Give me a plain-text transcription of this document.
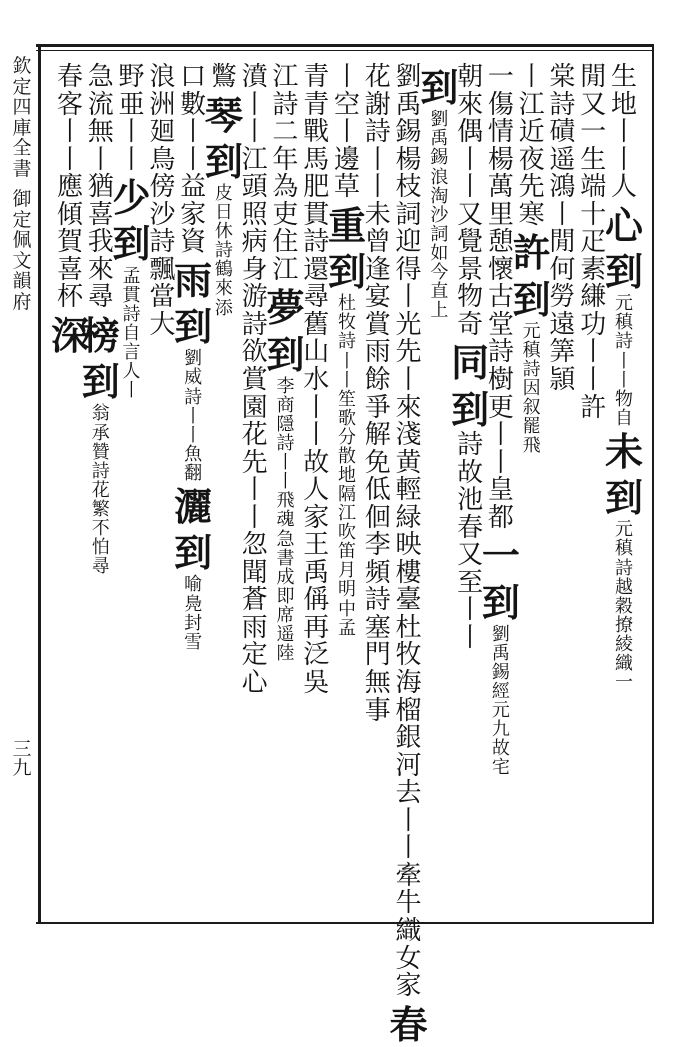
欽
定
四
庫
全
書
御
定
佩
文
韻
府
三
九
生
地
丨
丨
人
心
到
元
稹
詩
丨
丨
物
自
未
到
元
稹
詩
越
穀
撩
綾
織
一
閒
又
一
生
端
十
疋
素
縑
功
丨
丨
許
棠
詩
磧
遥
鴻
丨
閒
何
勞
遠
筭
頴
丨
江
近
夜
先
寒
許
到
元
稹
詩
因
叙
罷
飛
一
傷
情
楊
萬
里
憩
懷
古
堂
詩
樹
更
丨
丨
皇
都
一
到
劉
禹
錫
經
元
九
故
宅
朝
來
偶
丨
丨
又
覺
景
物
奇
同
到
詩
故
池
春
又
至
丨
丨
到
劉
禹
錫
浪
淘
沙
詞
如
今
直
上
劉
禹
錫
楊
枝
詞
迎
得
丨
光
先
丨
來
淺
黄
輕
緑
映
樓
臺
杜
牧
海
榴
銀
河
去
丨
丨
牽
牛
織
女
家
春
花
謝
詩
丨
丨
未
曾
逢
宴
賞
雨
餘
爭
解
免
低
佪
李
頻
詩
塞
門
無
事
丨
空
丨
邊
草
重
到
杜
牧
詩
丨
丨
笙
歌
分
散
地
隔
江
吹
笛
月
明
中
孟
青
青
戰
馬
肥
貫
詩
還
尋
舊
山
水
丨
丨
故
人
家
王
禹
偁
再
泛
吳
江
詩
二
年
為
吏
住
江
夢
到
李
商
隱
詩
丨
丨
飛
魂
急
書
成
即
席
遥
陸
濆
丨
丨
江
頭
照
病
身
游
詩
欲
賞
園
花
先
丨
丨
忽
聞
蒼
雨
定
心
鷩
琴
到
皮
日
休
詩
鶴
來
添
口
數
丨
丨
益
家
資
雨
到
劉
威
詩
丨
丨
魚
翻
灑
到
喻
鳧
封
雪
浪
洲
廻
鳥
傍
沙
詩
飄
當
大
野
亜
丨
丨
少
到
孟
貫
詩
自
言
人
丨
急
流
無
丨
猶
喜
我
來
尋
榜
到
翁
承
贊
詩
花
繁
不
怕
尋
春
客
丨
丨
應
傾
賀
喜
杯
深
